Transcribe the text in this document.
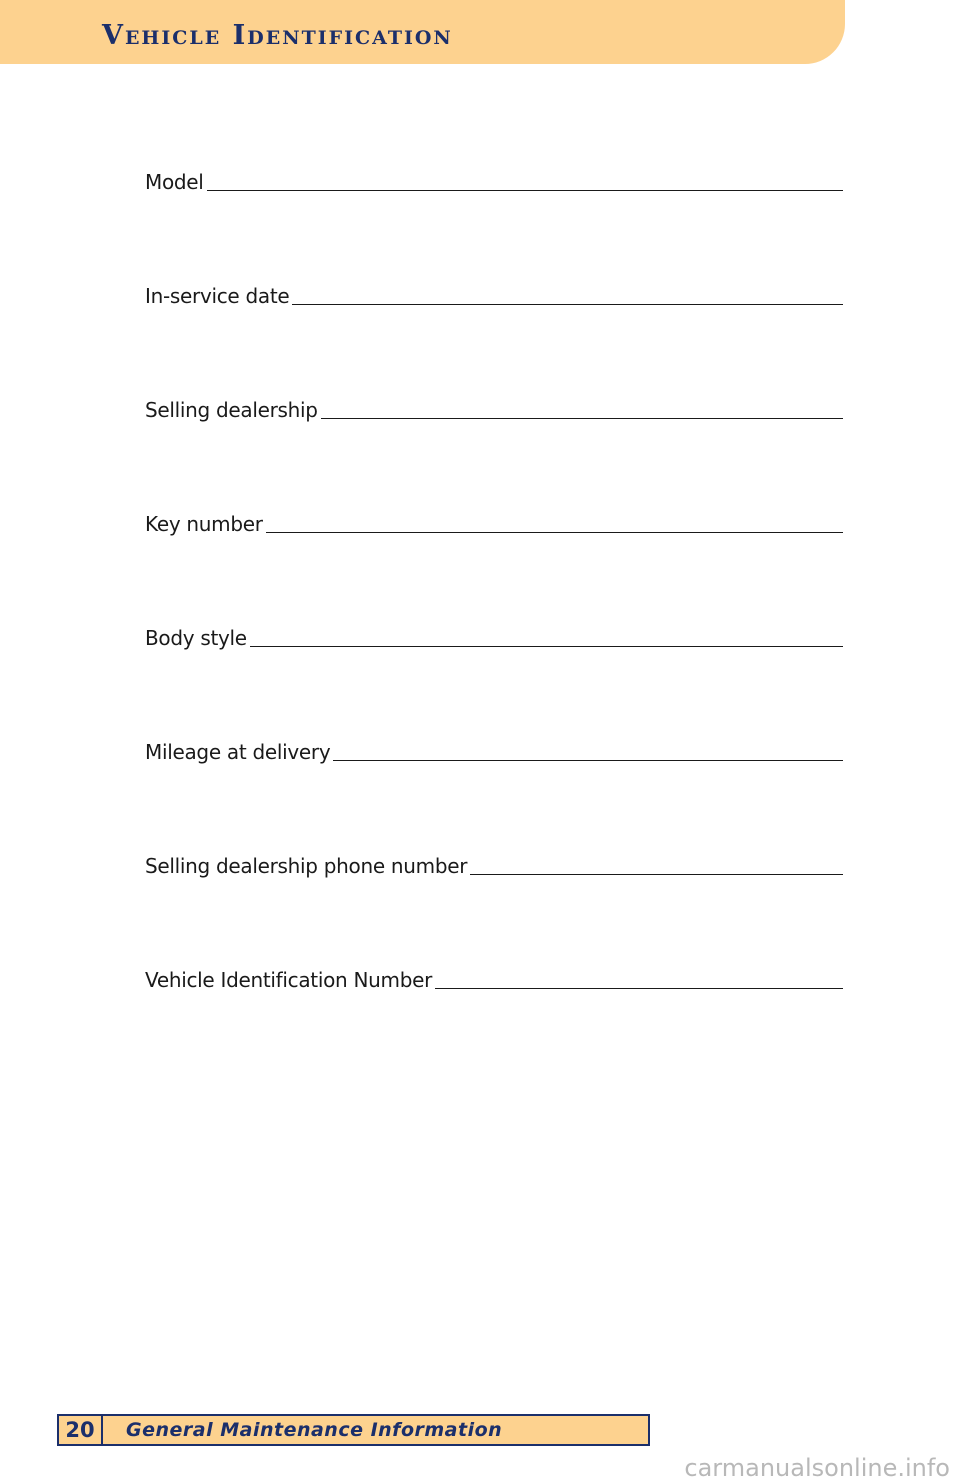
Vehicle Identification
Model
In-service date
Selling dealership
Key number
Body style
Mileage at delivery
Selling dealership phone number
Vehicle Identification Number
20	General Maintenance Information
carmanualsonline.info
